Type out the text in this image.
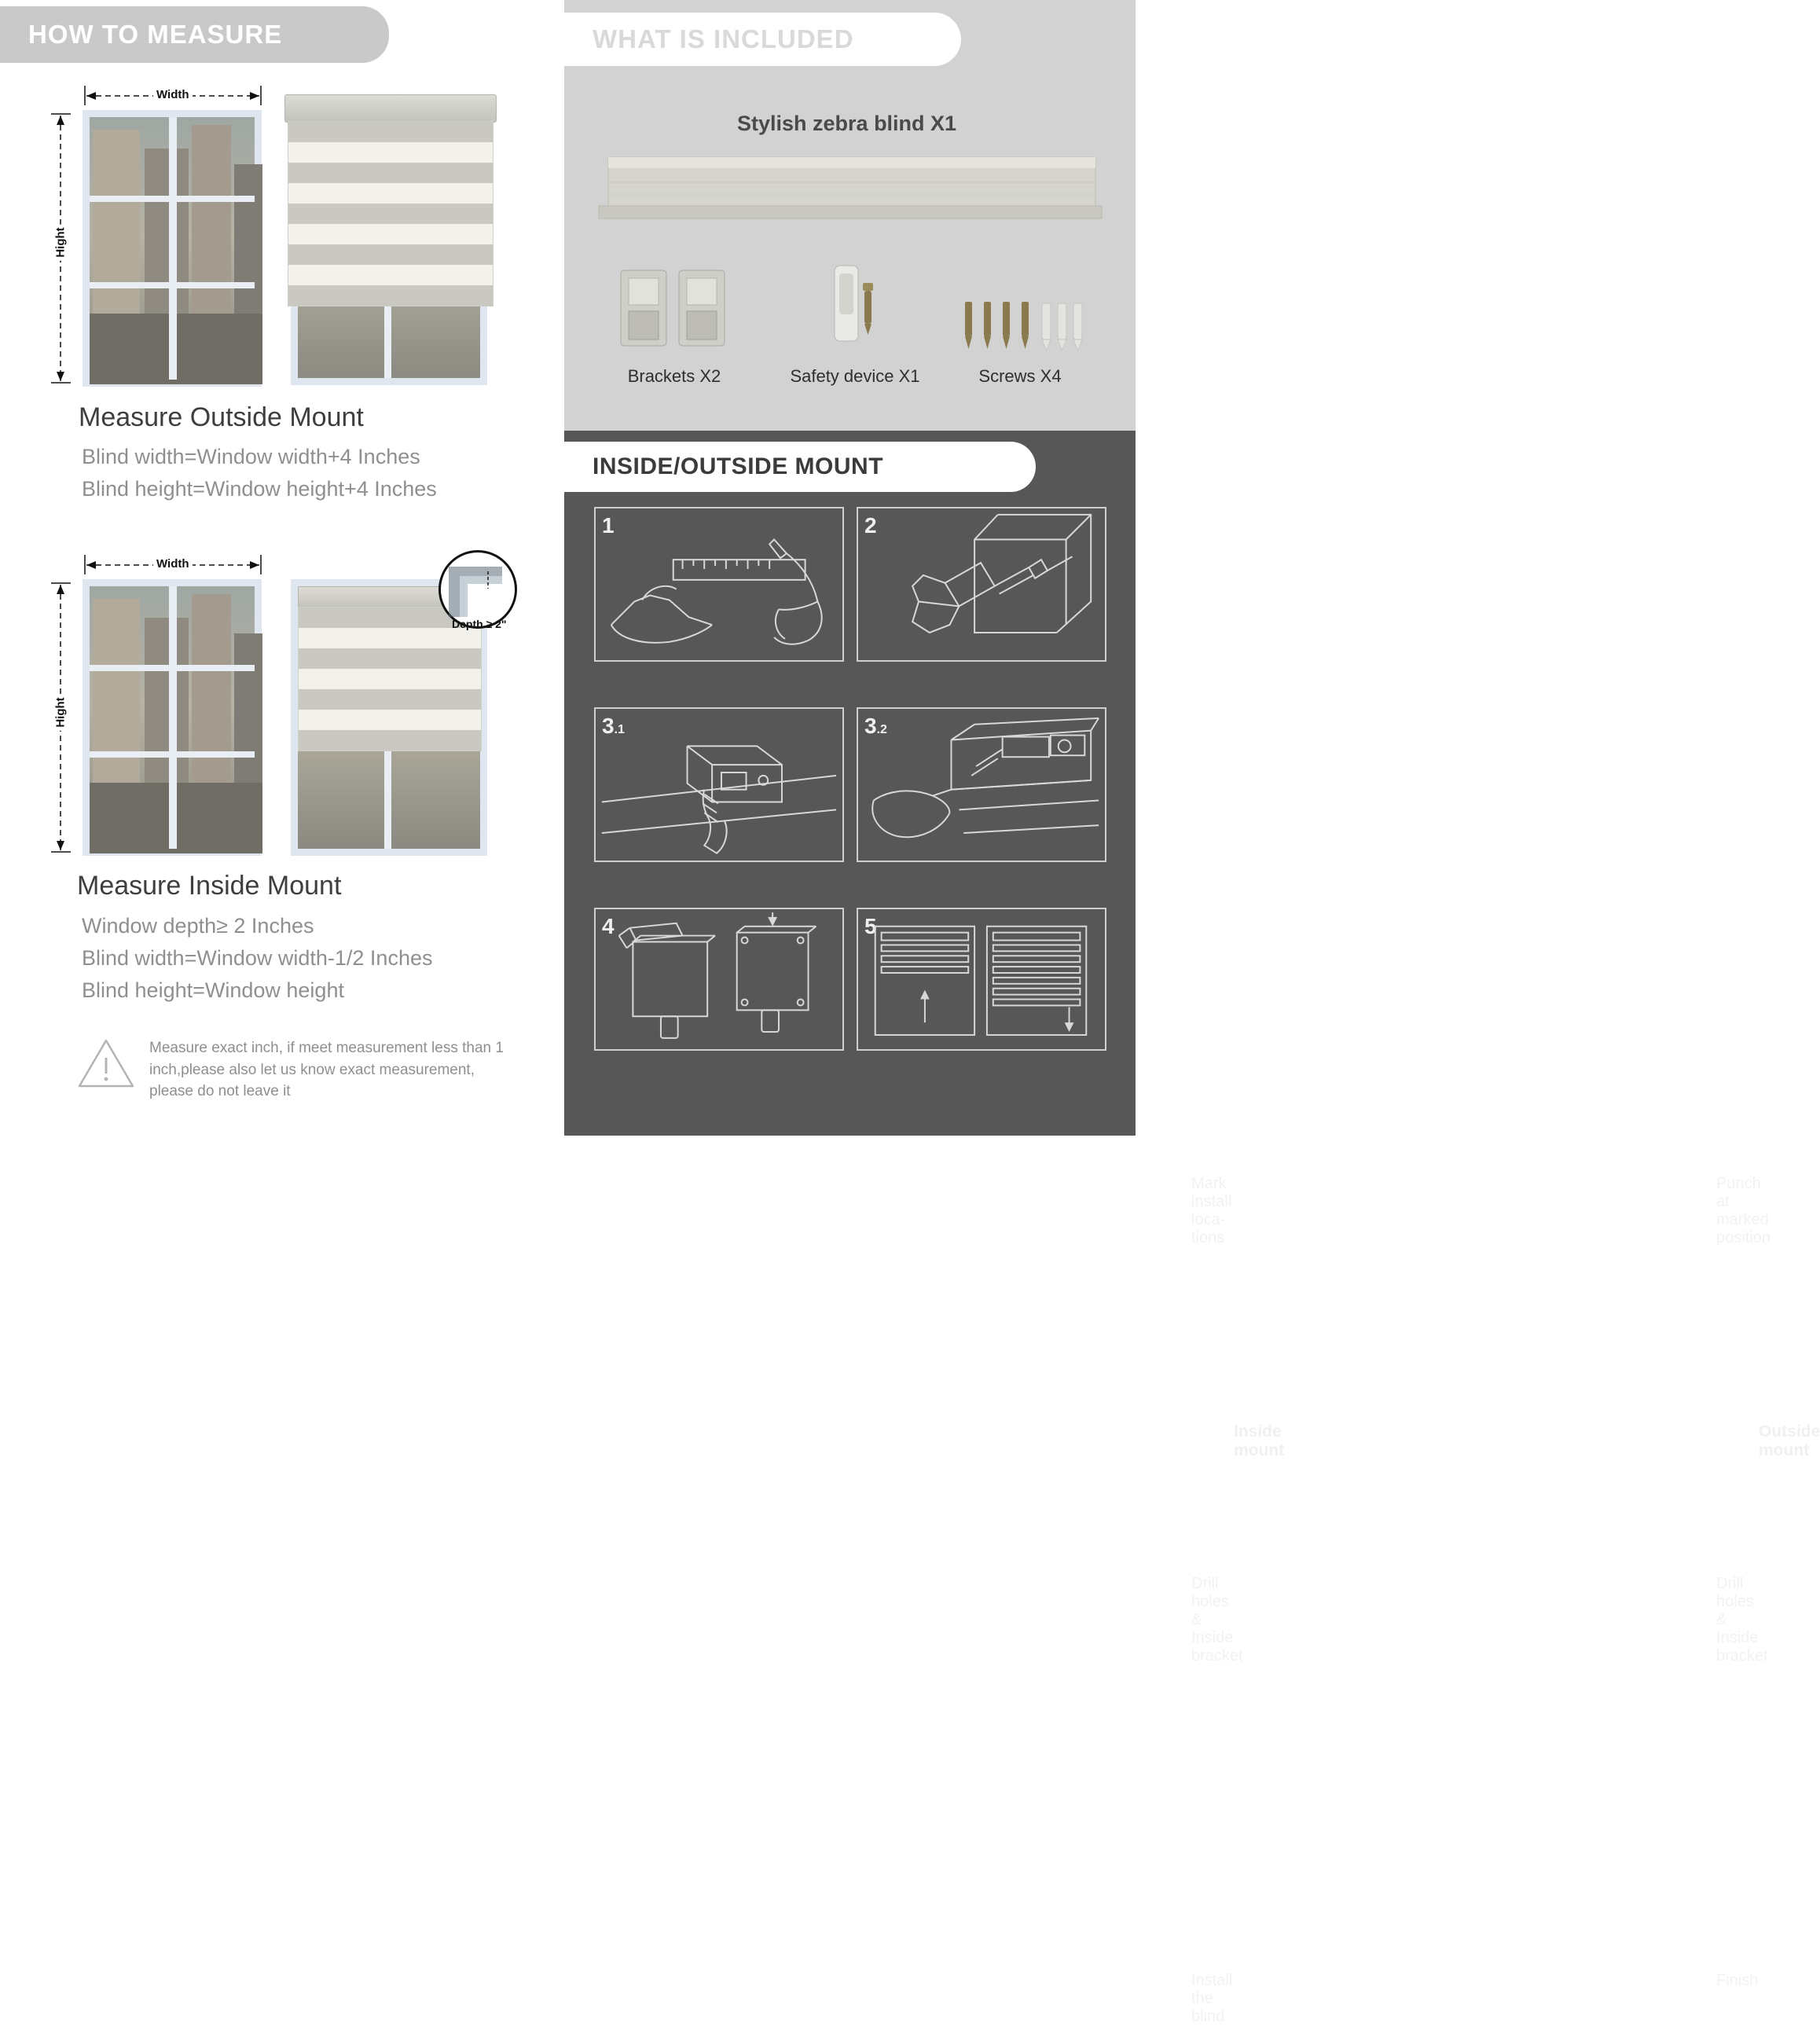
HOW TO MEASURE
Width
Hight
Measure Outside Mount
Blind width=Window width+4 Inches
Blind height=Window height+4 Inches
Width
Hight
Depth ≥ 2"
Measure Inside Mount
Window depth≥ 2 Inches
Blind width=Window width-1/2 Inches
Blind height=Window height

Measure exact inch, if meet measurement less than 1 inch,please also let us know exact measurement, please do not leave it

WHAT IS INCLUDED
Stylish zebra blind X1
Brackets X2	Safety device X1	Screws X4
INSIDE/OUTSIDE MOUNT
1
Mark install loca- tions
2
Punch at marked position
3.1
Inside mount
Drill holes & Inside bracket
3.2
Outside mount
Drill holes & Inside bracket
4
Install the blind
5
Finish
